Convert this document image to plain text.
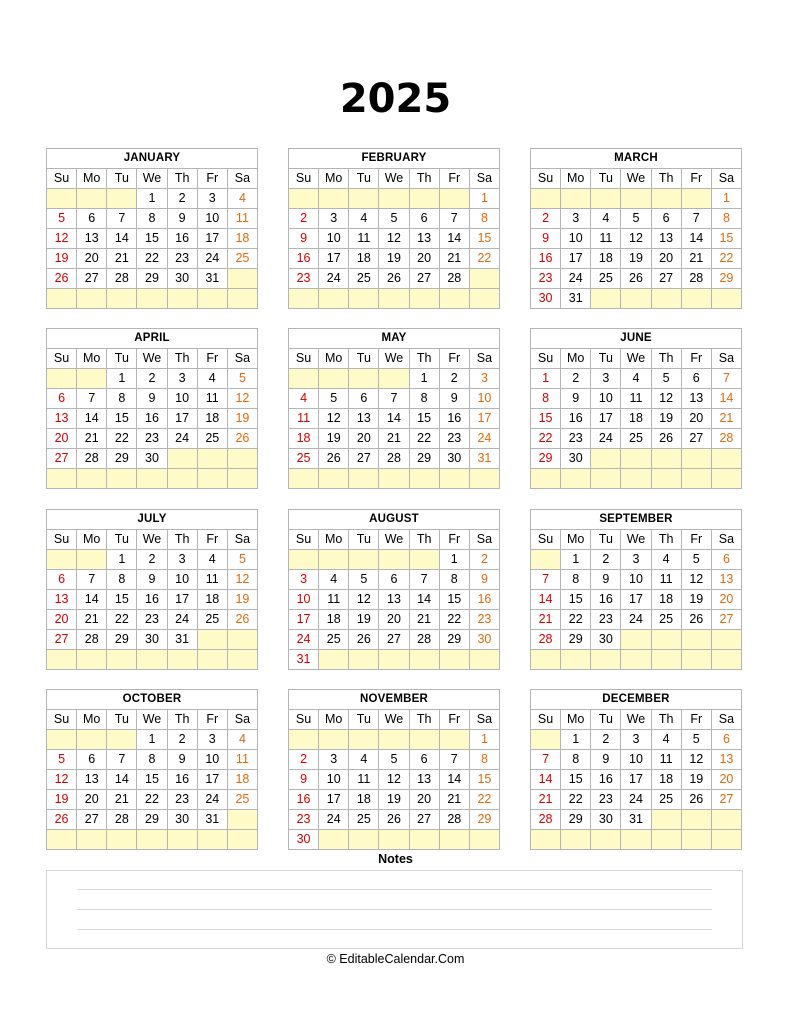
2025
JANUARY						
Su	Mo	Tu	We	Th	Fr	Sa
			1	2	3	4
5	6	7	8	9	10	11
12	13	14	15	16	17	18
19	20	21	22	23	24	25
26	27	28	29	30	31	

FEBRUARY						
Su	Mo	Tu	We	Th	Fr	Sa
						1
2	3	4	5	6	7	8
9	10	11	12	13	14	15
16	17	18	19	20	21	22
23	24	25	26	27	28	

MARCH						
Su	Mo	Tu	We	Th	Fr	Sa
						1
2	3	4	5	6	7	8
9	10	11	12	13	14	15
16	17	18	19	20	21	22
23	24	25	26	27	28	29
30	31					
APRIL						
Su	Mo	Tu	We	Th	Fr	Sa
		1	2	3	4	5
6	7	8	9	10	11	12
13	14	15	16	17	18	19
20	21	22	23	24	25	26
27	28	29	30			

MAY						
Su	Mo	Tu	We	Th	Fr	Sa
				1	2	3
4	5	6	7	8	9	10
11	12	13	14	15	16	17
18	19	20	21	22	23	24
25	26	27	28	29	30	31

JUNE						
Su	Mo	Tu	We	Th	Fr	Sa
1	2	3	4	5	6	7
8	9	10	11	12	13	14
15	16	17	18	19	20	21
22	23	24	25	26	27	28
29	30					

JULY						
Su	Mo	Tu	We	Th	Fr	Sa
		1	2	3	4	5
6	7	8	9	10	11	12
13	14	15	16	17	18	19
20	21	22	23	24	25	26
27	28	29	30	31		

AUGUST						
Su	Mo	Tu	We	Th	Fr	Sa
					1	2
3	4	5	6	7	8	9
10	11	12	13	14	15	16
17	18	19	20	21	22	23
24	25	26	27	28	29	30
31						
SEPTEMBER						
Su	Mo	Tu	We	Th	Fr	Sa
	1	2	3	4	5	6
7	8	9	10	11	12	13
14	15	16	17	18	19	20
21	22	23	24	25	26	27
28	29	30				

OCTOBER						
Su	Mo	Tu	We	Th	Fr	Sa
			1	2	3	4
5	6	7	8	9	10	11
12	13	14	15	16	17	18
19	20	21	22	23	24	25
26	27	28	29	30	31	

NOVEMBER						
Su	Mo	Tu	We	Th	Fr	Sa
						1
2	3	4	5	6	7	8
9	10	11	12	13	14	15
16	17	18	19	20	21	22
23	24	25	26	27	28	29
30						
DECEMBER						
Su	Mo	Tu	We	Th	Fr	Sa
	1	2	3	4	5	6
7	8	9	10	11	12	13
14	15	16	17	18	19	20
21	22	23	24	25	26	27
28	29	30	31			

Notes
© EditableCalendar.Com
